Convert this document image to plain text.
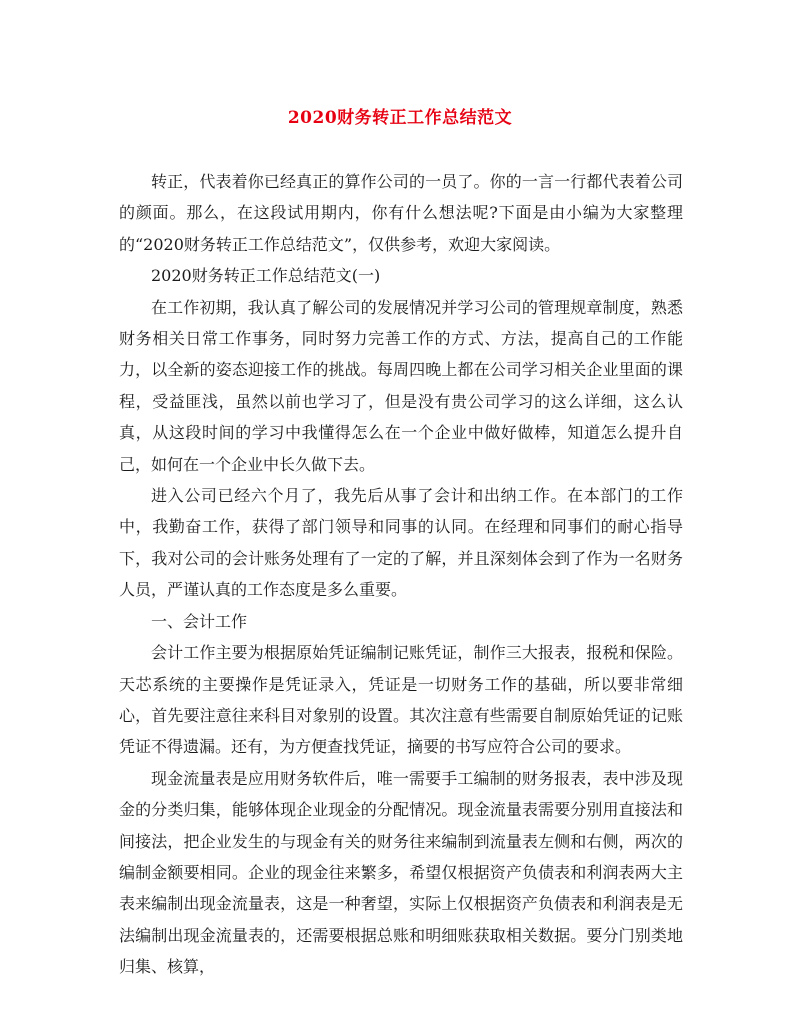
2020财务转正工作总结范文

转正，代表着你已经真正的算作公司的一员了。你的一言一行都代表着公司的颜面。那么，在这段试用期内，你有什么想法呢?下面是由小编为大家整理的“2020财务转正工作总结范文”，仅供参考，欢迎大家阅读。

2020财务转正工作总结范文(一)

在工作初期，我认真了解公司的发展情况并学习公司的管理规章制度，熟悉财务相关日常工作事务，同时努力完善工作的方式、方法，提高自己的工作能力，以全新的姿态迎接工作的挑战。每周四晚上都在公司学习相关企业里面的课程，受益匪浅，虽然以前也学习了，但是没有贵公司学习的这么详细，这么认真，从这段时间的学习中我懂得怎么在一个企业中做好做棒，知道怎么提升自己，如何在一个企业中长久做下去。

进入公司已经六个月了，我先后从事了会计和出纳工作。在本部门的工作中，我勤奋工作，获得了部门领导和同事的认同。在经理和同事们的耐心指导下，我对公司的会计账务处理有了一定的了解，并且深刻体会到了作为一名财务人员，严谨认真的工作态度是多么重要。

一、会计工作

会计工作主要为根据原始凭证编制记账凭证，制作三大报表，报税和保险。天芯系统的主要操作是凭证录入，凭证是一切财务工作的基础，所以要非常细心，首先要注意往来科目对象别的设置。其次注意有些需要自制原始凭证的记账凭证不得遗漏。还有，为方便查找凭证，摘要的书写应符合公司的要求。

现金流量表是应用财务软件后，唯一需要手工编制的财务报表，表中涉及现金的分类归集，能够体现企业现金的分配情况。现金流量表需要分别用直接法和间接法，把企业发生的与现金有关的财务往来编制到流量表左侧和右侧，两次的编制金额要相同。企业的现金往来繁多，希望仅根据资产负债表和利润表两大主表来编制出现金流量表，这是一种奢望，实际上仅根据资产负债表和利润表是无法编制出现金流量表的，还需要根据总账和明细账获取相关数据。要分门别类地归集、核算，
